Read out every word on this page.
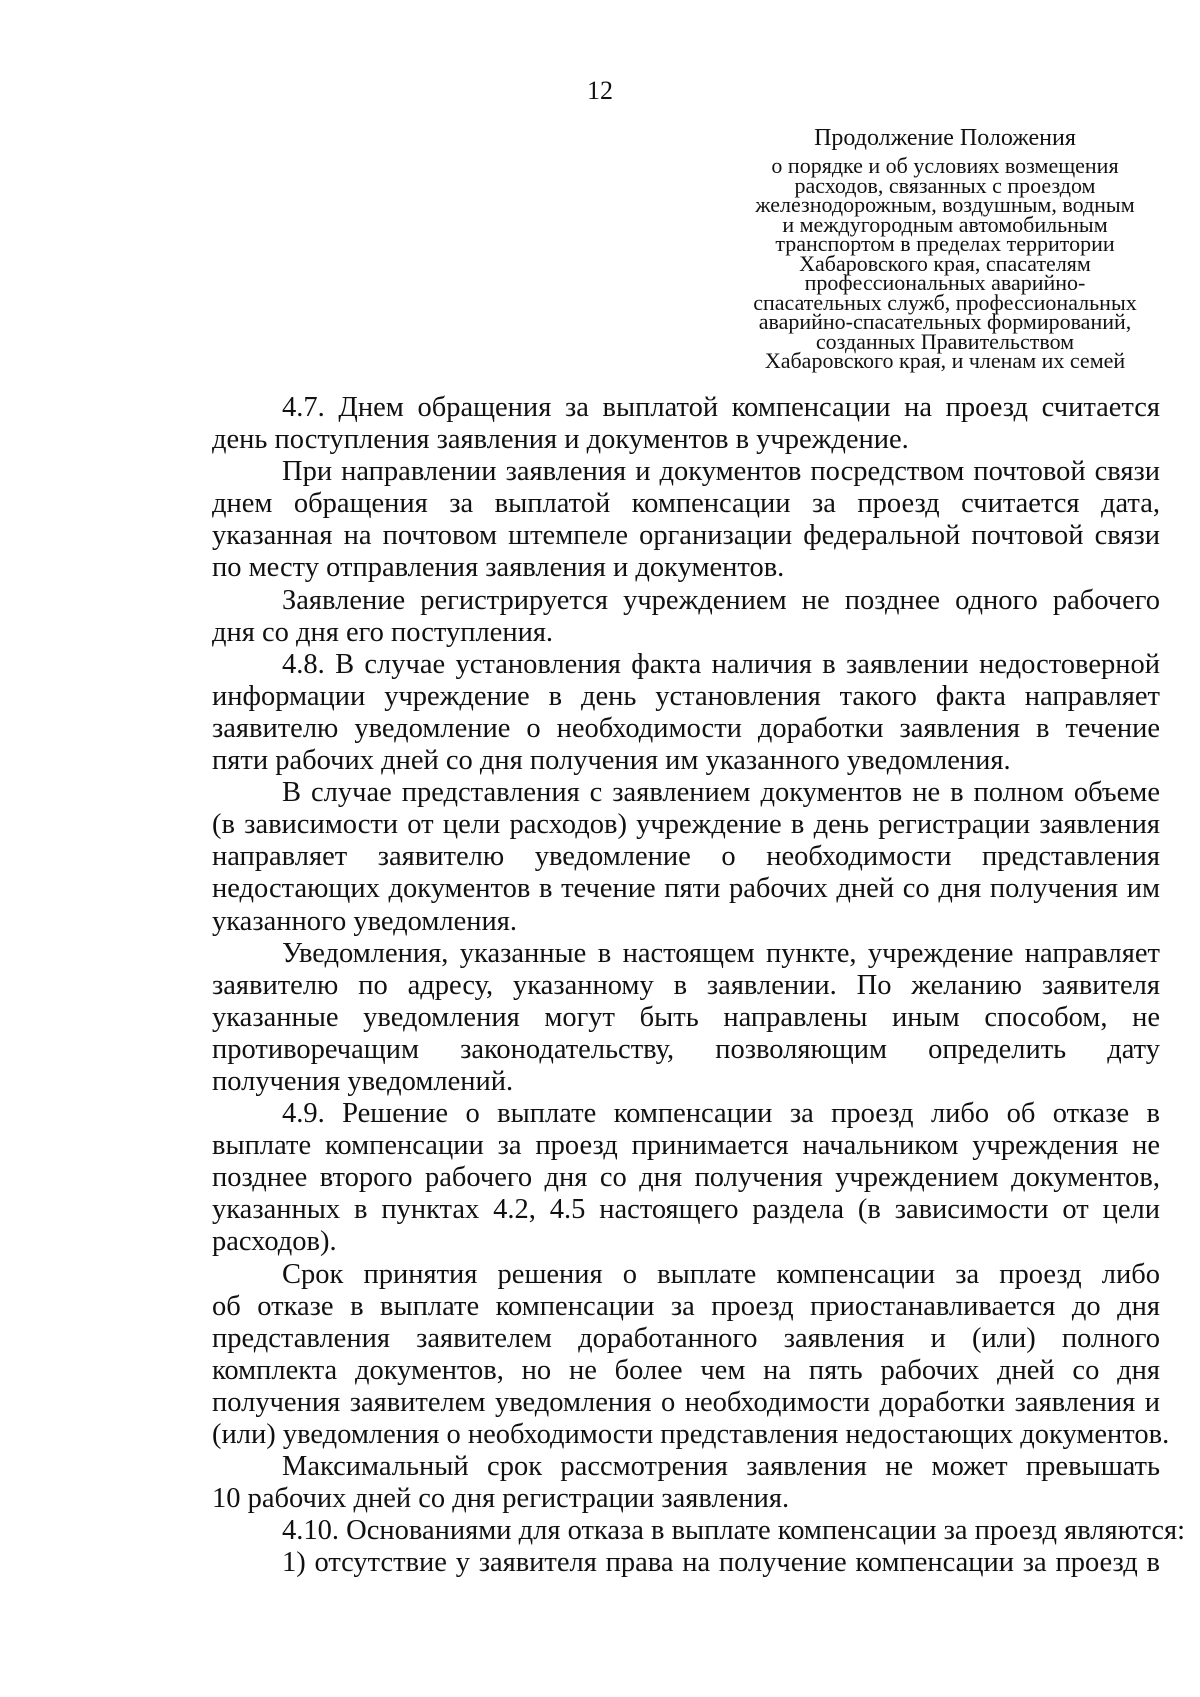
12
Продолжение Положения
о порядке и об условиях возмещения
расходов, связанных с проездом
железнодорожным, воздушным, водным
и междугородным автомобильным
транспортом в пределах территории
Хабаровского края, спасателям
профессиональных аварийно-
спасательных служб, профессиональных
аварийно-спасательных формирований,
созданных Правительством
Хабаровского края, и членам их семей
4.7. Днем обращения за выплатой компенсации на проезд считается
день поступления заявления и документов в учреждение.
При направлении заявления и документов посредством почтовой связи
днем обращения за выплатой компенсации за проезд считается дата,
указанная на почтовом штемпеле организации федеральной почтовой связи
по месту отправления заявления и документов.
Заявление регистрируется учреждением не позднее одного рабочего
дня со дня его поступления.
4.8. В случае установления факта наличия в заявлении недостоверной
информации учреждение в день установления такого факта направляет
заявителю уведомление о необходимости доработки заявления в течение
пяти рабочих дней со дня получения им указанного уведомления.
В случае представления с заявлением документов не в полном объеме
(в зависимости от цели расходов) учреждение в день регистрации заявления
направляет заявителю уведомление о необходимости представления
недостающих документов в течение пяти рабочих дней со дня получения им
указанного уведомления.
Уведомления, указанные в настоящем пункте, учреждение направляет
заявителю по адресу, указанному в заявлении. По желанию заявителя
указанные уведомления могут быть направлены иным способом, не
противоречащим законодательству, позволяющим определить дату
получения уведомлений.
4.9. Решение о выплате компенсации за проезд либо об отказе в
выплате компенсации за проезд принимается начальником учреждения не
позднее второго рабочего дня со дня получения учреждением документов,
указанных в пунктах 4.2, 4.5 настоящего раздела (в зависимости от цели
расходов).
Срок принятия решения о выплате компенсации за проезд либо
об отказе в выплате компенсации за проезд приостанавливается до дня
представления заявителем доработанного заявления и (или) полного
комплекта документов, но не более чем на пять рабочих дней со дня
получения заявителем уведомления о необходимости доработки заявления и
(или) уведомления о необходимости представления недостающих документов.
Максимальный срок рассмотрения заявления не может превышать
10 рабочих дней со дня регистрации заявления.
4.10. Основаниями для отказа в выплате компенсации за проезд являются:
1) отсутствие у заявителя права на получение компенсации за проезд в
